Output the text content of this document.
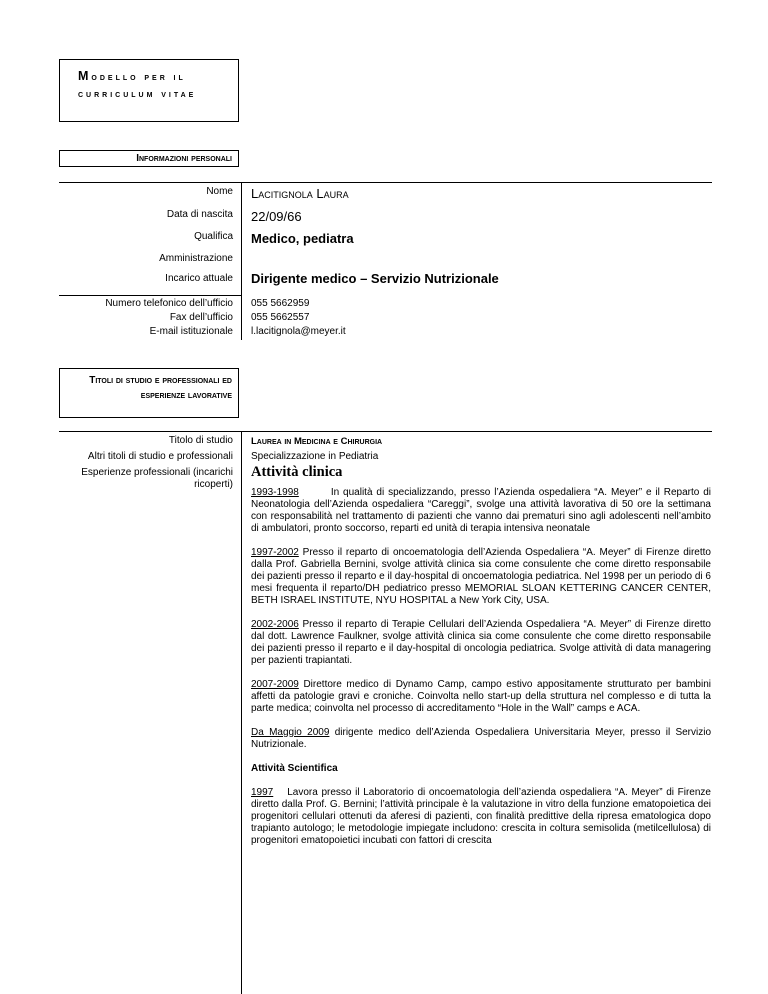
Modello per il
curriculum vitae
Informazioni personali
Nome Lacitignola Laura
Data di nascita 22/09/66
Qualifica Medico, pediatra
Amministrazione
Incarico attuale Dirigente medico – Servizio Nutrizionale
Numero telefonico dell’ufficio 055 5662959
Fax dell’ufficio 055 5662557
E-mail istituzionale l.lacitignola@meyer.it
Titoli di studio e professionali ed esperienze lavorative
Titolo di studio Laurea in Medicina e Chirurgia
Altri titoli di studio e professionali Specializzazione in Pediatria
Esperienze professionali (incarichi ricoperti)
Attività clinica

1993-1998	In qualità di specializzando, presso l’Azienda ospedaliera “A. Meyer” e il Reparto di Neonatologia dell’Azienda ospedaliera “Careggi”, svolge una attività lavorativa di 50 ore la settimana con responsabilità nel trattamento di pazienti che vanno dai prematuri sino agli adolescenti nell’ambito di ambulatori, pronto soccorso, reparti ed unità di terapia intensiva neonatale

1997-2002 Presso il reparto di oncoematologia dell’Azienda Ospedaliera “A. Meyer” di Firenze diretto dalla Prof. Gabriella Bernini, svolge attività clinica sia come consulente che come diretto responsabile dei pazienti presso il reparto e il day-hospital di oncoematologia pediatrica. Nel 1998 per un periodo di 6 mesi frequenta il reparto/DH pediatrico presso MEMORIAL SLOAN KETTERING CANCER CENTER, BETH ISRAEL INSTITUTE, NYU HOSPITAL a New York City, USA.

2002-2006 Presso il reparto di Terapie Cellulari dell’Azienda Ospedaliera “A. Meyer” di Firenze diretto dal dott. Lawrence Faulkner, svolge attività clinica sia come consulente che come diretto responsabile dei pazienti presso il reparto e il day-hospital di oncologia pediatrica. Svolge attività di data managering per pazienti trapiantati.

2007-2009 Direttore medico di Dynamo Camp, campo estivo appositamente strutturato per bambini affetti da patologie gravi e croniche. Coinvolta nello start-up della struttura nel complesso e di tutta la parte medica; coinvolta nel processo di accreditamento “Hole in the Wall” camps e ACA.

Da Maggio 2009 dirigente medico dell’Azienda Ospedaliera Universitaria Meyer, presso il Servizio Nutrizionale.

Attività Scientifica

1997 Lavora presso il Laboratorio di oncoematologia dell’azienda ospedaliera “A. Meyer” di Firenze diretto dalla Prof. G. Bernini; l’attività principale è la valutazione in vitro della funzione ematopoietica dei progenitori cellulari ottenuti da aferesi di pazienti, con finalità predittive della ripresa ematologica dopo trapianto autologo; le metodologie impiegate includono: crescita in coltura semisolida (metilcellulosa) di progenitori ematopoietici incubati con fattori di crescita
